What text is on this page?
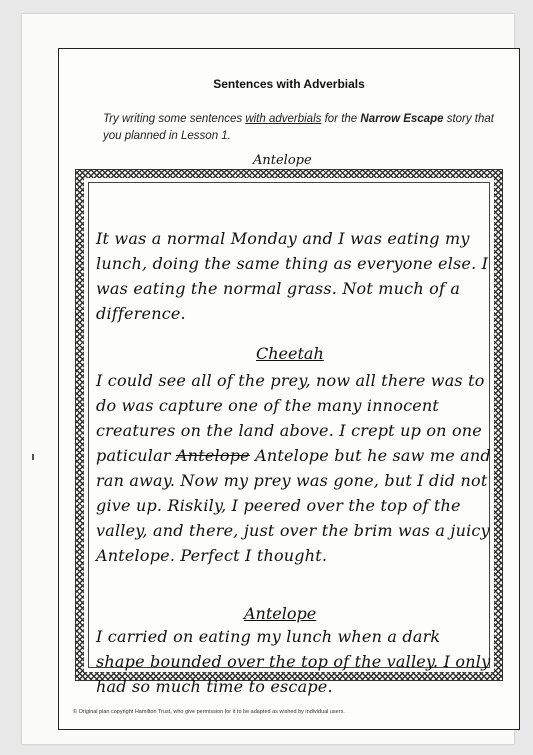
Sentences with Adverbials
Try writing some sentences with adverbials for the Narrow Escape story that you planned in Lesson 1.
Antelope
It was a normal Monday and I was eating my lunch, doing the same thing as everyone else. I was eating the normal grass. Not much of a difference.
Cheetah
I could see all of the prey, now all there was to do was capture one of the many innocent creatures on the land above. I crept up on one paticular Antelope Antelope but he saw me and ran away. Now my prey was gone, but I did not give up. Riskily, I peered over the top of the valley, and there, just over the brim was a juicy Antelope. Perfect I thought.
Antelope
I carried on eating my lunch when a dark shape bounded over the top of the valley. I only had so much time to escape.
© Original plan copyright Hamilton Trust, who give permission for it to be adapted as wished by individual users.
